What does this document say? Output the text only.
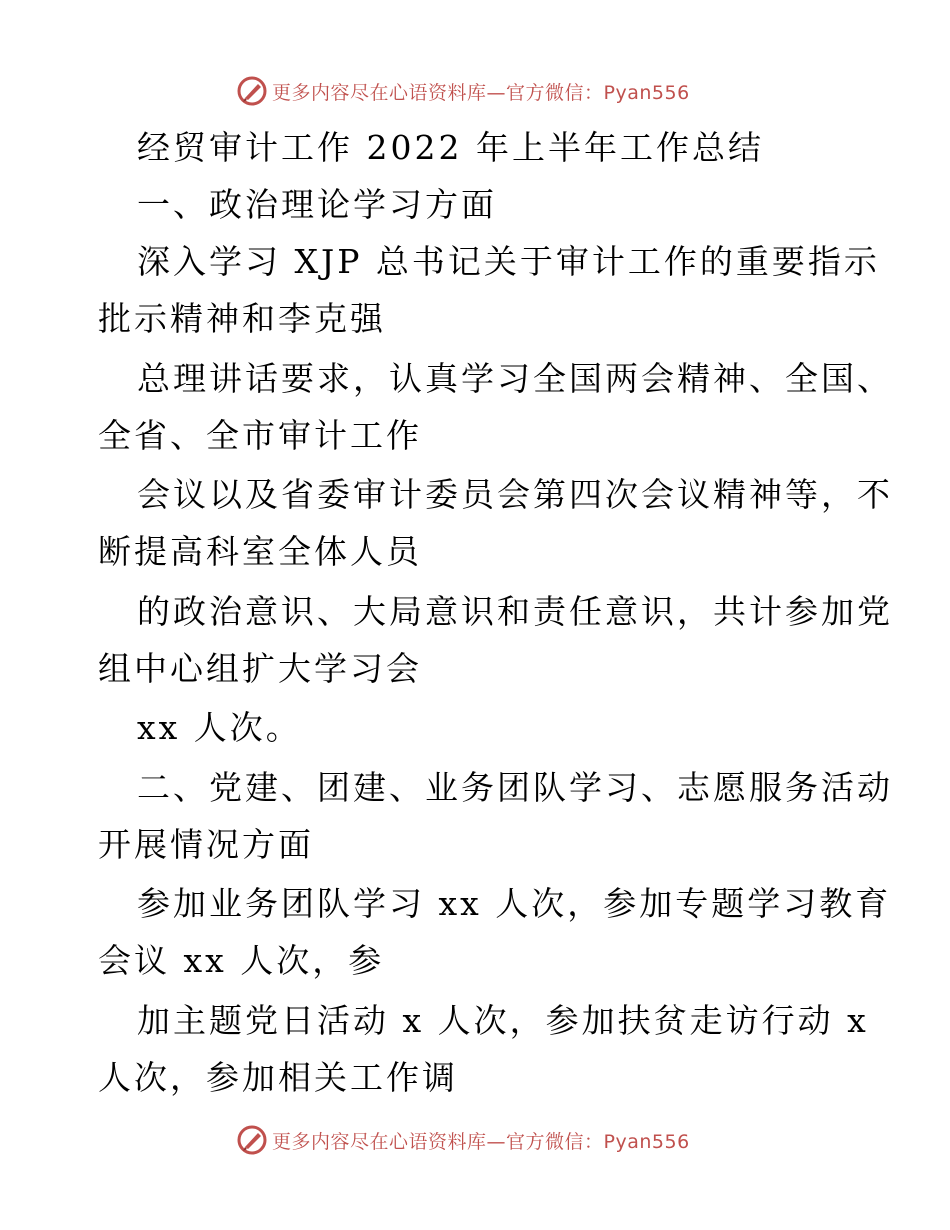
更多内容尽在心语资料库—官方微信：Pyan556
经贸审计工作 2022 年上半年工作总结
一、政治理论学习方面
深入学习 XJP 总书记关于审计工作的重要指示
批示精神和李克强
总理讲话要求，认真学习全国两会精神、全国、
全省、全市审计工作
会议以及省委审计委员会第四次会议精神等，不
断提高科室全体人员
的政治意识、大局意识和责任意识，共计参加党
组中心组扩大学习会
xx 人次。
二、党建、团建、业务团队学习、志愿服务活动
开展情况方面
参加业务团队学习 xx 人次，参加专题学习教育
会议 xx 人次，参
加主题党日活动 x 人次，参加扶贫走访行动 x
人次，参加相关工作调
更多内容尽在心语资料库—官方微信：Pyan556
